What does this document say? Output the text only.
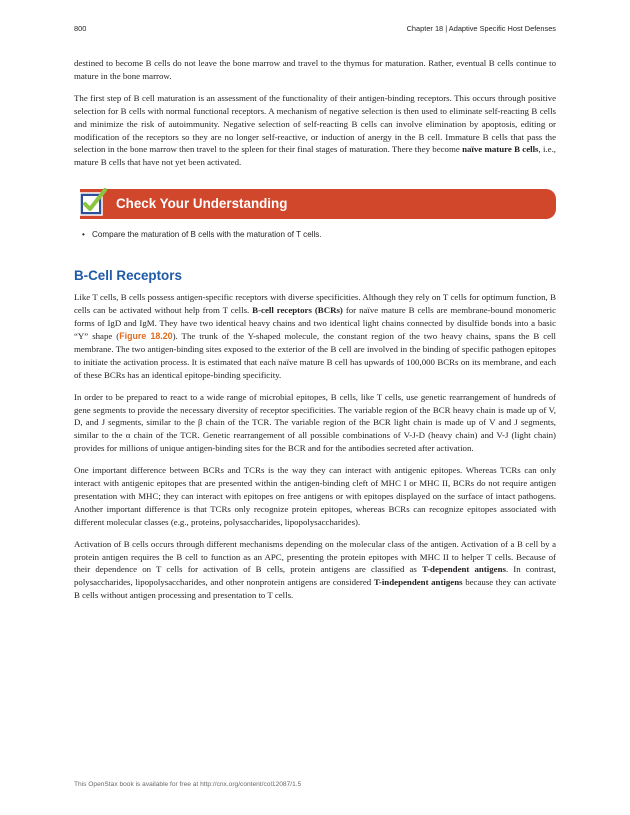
800	Chapter 18 | Adaptive Specific Host Defenses

destined to become B cells do not leave the bone marrow and travel to the thymus for maturation. Rather, eventual B cells continue to mature in the bone marrow.

The first step of B cell maturation is an assessment of the functionality of their antigen-binding receptors. This occurs through positive selection for B cells with normal functional receptors. A mechanism of negative selection is then used to eliminate self-reacting B cells and minimize the risk of autoimmunity. Negative selection of self-reacting B cells can involve elimination by apoptosis, editing or modification of the receptors so they are no longer self-reactive, or induction of anergy in the B cell. Immature B cells that pass the selection in the bone marrow then travel to the spleen for their final stages of maturation. There they become naïve mature B cells, i.e., mature B cells that have not yet been activated.

Check Your Understanding
• Compare the maturation of B cells with the maturation of T cells.
B-Cell Receptors

Like T cells, B cells possess antigen-specific receptors with diverse specificities. Although they rely on T cells for optimum function, B cells can be activated without help from T cells. B-cell receptors (BCRs) for naïve mature B cells are membrane-bound monomeric forms of IgD and IgM. They have two identical heavy chains and two identical light chains connected by disulfide bonds into a basic “Y” shape (Figure 18.20). The trunk of the Y-shaped molecule, the constant region of the two heavy chains, spans the B cell membrane. The two antigen-binding sites exposed to the exterior of the B cell are involved in the binding of specific pathogen epitopes to initiate the activation process. It is estimated that each naïve mature B cell has upwards of 100,000 BCRs on its membrane, and each of these BCRs has an identical epitope-binding specificity.

In order to be prepared to react to a wide range of microbial epitopes, B cells, like T cells, use genetic rearrangement of hundreds of gene segments to provide the necessary diversity of receptor specificities. The variable region of the BCR heavy chain is made up of V, D, and J segments, similar to the β chain of the TCR. The variable region of the BCR light chain is made up of V and J segments, similar to the α chain of the TCR. Genetic rearrangement of all possible combinations of V-J-D (heavy chain) and V-J (light chain) provides for millions of unique antigen-binding sites for the BCR and for the antibodies secreted after activation.

One important difference between BCRs and TCRs is the way they can interact with antigenic epitopes. Whereas TCRs can only interact with antigenic epitopes that are presented within the antigen-binding cleft of MHC I or MHC II, BCRs do not require antigen presentation with MHC; they can interact with epitopes on free antigens or with epitopes displayed on the surface of intact pathogens. Another important difference is that TCRs only recognize protein epitopes, whereas BCRs can recognize epitopes associated with different molecular classes (e.g., proteins, polysaccharides, lipopolysaccharides).

Activation of B cells occurs through different mechanisms depending on the molecular class of the antigen. Activation of a B cell by a protein antigen requires the B cell to function as an APC, presenting the protein epitopes with MHC II to helper T cells. Because of their dependence on T cells for activation of B cells, protein antigens are classified as T-dependent antigens. In contrast, polysaccharides, lipopolysaccharides, and other nonprotein antigens are considered T-independent antigens because they can activate B cells without antigen processing and presentation to T cells.

This OpenStax book is available for free at http://cnx.org/content/col12087/1.5
